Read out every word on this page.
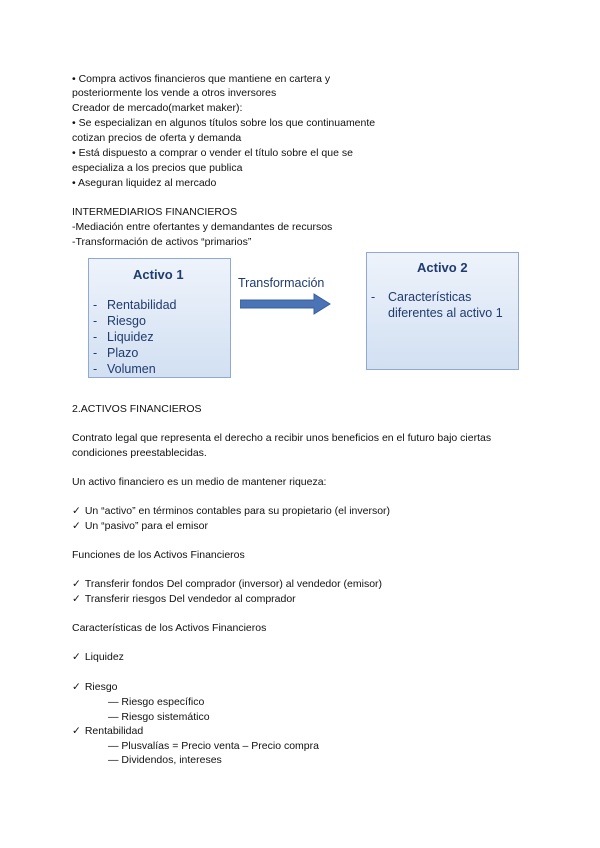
• Compra activos financieros que mantiene en cartera y
posteriormente los vende a otros inversores
Creador de mercado(market maker):
• Se especializan en algunos títulos sobre los que continuamente
cotizan precios de oferta y demanda
• Está dispuesto a comprar o vender el título sobre el que se
especializa a los precios que publica
• Aseguran liquidez al mercado
INTERMEDIARIOS FINANCIEROS
-Mediación entre ofertantes y demandantes de recursos
-Transformación de activos “primarios”
Activo 1
- Rentabilidad
- Riesgo
- Liquidez
- Plazo
- Volumen
Transformación
Activo 2
- Características
diferentes al activo 1
2.ACTIVOS FINANCIEROS
Contrato legal que representa el derecho a recibir unos beneficios en el futuro bajo ciertas
condiciones preestablecidas.
Un activo financiero es un medio de mantener riqueza:
✓ Un “activo” en términos contables para su propietario (el inversor)
✓ Un “pasivo” para el emisor
Funciones de los Activos Financieros
✓ Transferir fondos Del comprador (inversor) al vendedor (emisor)
✓ Transferir riesgos Del vendedor al comprador
Características de los Activos Financieros
✓ Liquidez
✓ Riesgo
— Riesgo específico
— Riesgo sistemático
✓ Rentabilidad
— Plusvalías = Precio venta – Precio compra
— Dividendos, intereses
